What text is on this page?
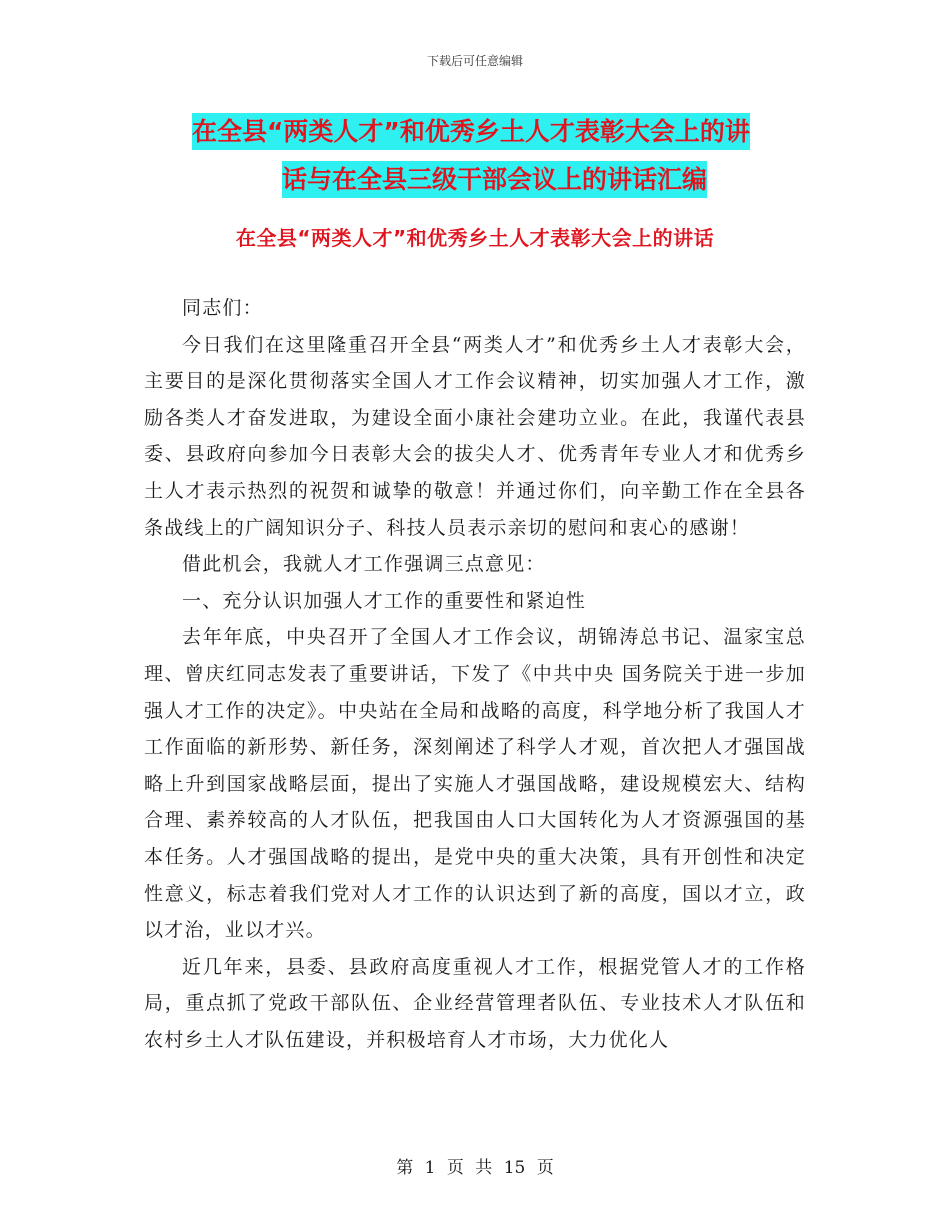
下载后可任意编辑
在全县“两类人才”和优秀乡土人才表彰大会上的讲
话与在全县三级干部会议上的讲话汇编
在全县“两类人才”和优秀乡土人才表彰大会上的讲话

同志们：

今日我们在这里隆重召开全县“两类人才”和优秀乡土人才表彰大会，主要目的是深化贯彻落实全国人才工作会议精神，切实加强人才工作，激励各类人才奋发进取，为建设全面小康社会建功立业。在此，我谨代表县委、县政府向参加今日表彰大会的拔尖人才、优秀青年专业人才和优秀乡土人才表示热烈的祝贺和诚挚的敬意！并通过你们，向辛勤工作在全县各条战线上的广阔知识分子、科技人员表示亲切的慰问和衷心的感谢！

借此机会，我就人才工作强调三点意见：

一、充分认识加强人才工作的重要性和紧迫性

去年年底，中央召开了全国人才工作会议，胡锦涛总书记、温家宝总理、曾庆红同志发表了重要讲话，下发了《中共中央 国务院关于进一步加强人才工作的决定》。中央站在全局和战略的高度，科学地分析了我国人才工作面临的新形势、新任务，深刻阐述了科学人才观，首次把人才强国战略上升到国家战略层面，提出了实施人才强国战略，建设规模宏大、结构合理、素养较高的人才队伍，把我国由人口大国转化为人才资源强国的基本任务。人才强国战略的提出，是党中央的重大决策，具有开创性和决定性意义，标志着我们党对人才工作的认识达到了新的高度，国以才立，政以才治，业以才兴。

近几年来，县委、县政府高度重视人才工作，根据党管人才的工作格局，重点抓了党政干部队伍、企业经营管理者队伍、专业技术人才队伍和农村乡土人才队伍建设，并积极培育人才市场，大力优化人

第 1 页 共 15 页
